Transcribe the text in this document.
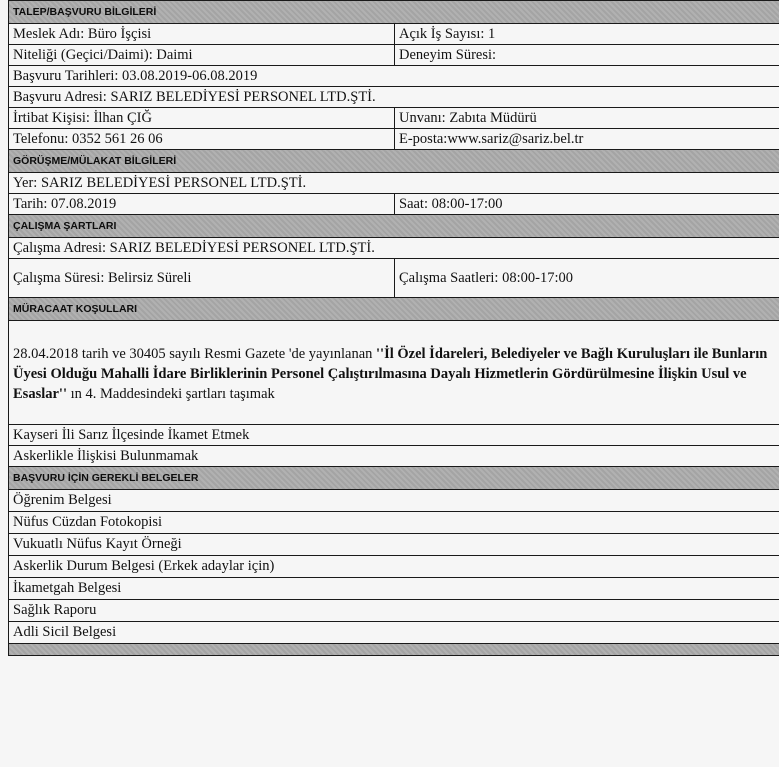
TALEP/BAŞVURU BİLGİLERİ	
Meslek Adı: Büro İşçisi	Açık İş Sayısı: 1
Niteliği (Geçici/Daimi): Daimi	Deneyim Süresi:
Başvuru Tarihleri: 03.08.2019-06.08.2019	
Başvuru Adresi: SARIZ BELEDİYESİ PERSONEL LTD.ŞTİ.	
İrtibat Kişisi: İlhan ÇIĞ	Unvanı: Zabıta Müdürü
Telefonu: 0352 561 26 06	E-posta:www.sariz@sariz.bel.tr
GÖRÜŞME/MÜLAKAT BİLGİLERİ	
Yer: SARIZ BELEDİYESİ PERSONEL LTD.ŞTİ.	
Tarih: 07.08.2019	Saat: 08:00-17:00
ÇALIŞMA ŞARTLARI	
Çalışma Adresi: SARIZ BELEDİYESİ PERSONEL LTD.ŞTİ.	
Çalışma Süresi: Belirsiz Süreli	Çalışma Saatleri: 08:00-17:00
MÜRACAAT KOŞULLARI	
28.04.2018 tarih ve 30405 sayılı Resmi Gazete 'de yayınlanan ''İl Özel İdareleri, Belediyeler ve Bağlı Kuruluşları ile Bunların Üyesi Olduğu Mahalli İdare Birliklerinin Personel Çalıştırılmasına Dayalı Hizmetlerin Gördürülmesine İlişkin Usul ve Esaslar'' ın 4. Maddesindeki şartları taşımak	
Kayseri İli Sarız İlçesinde İkamet Etmek	
Askerlikle İlişkisi Bulunmamak	
BAŞVURU İÇİN GEREKLİ BELGELER	
Öğrenim Belgesi	
Nüfus Cüzdan Fotokopisi	
Vukuatlı Nüfus Kayıt Örneği	
Askerlik Durum Belgesi (Erkek adaylar için)	
İkametgah Belgesi	
Sağlık Raporu	
Adli Sicil Belgesi	
